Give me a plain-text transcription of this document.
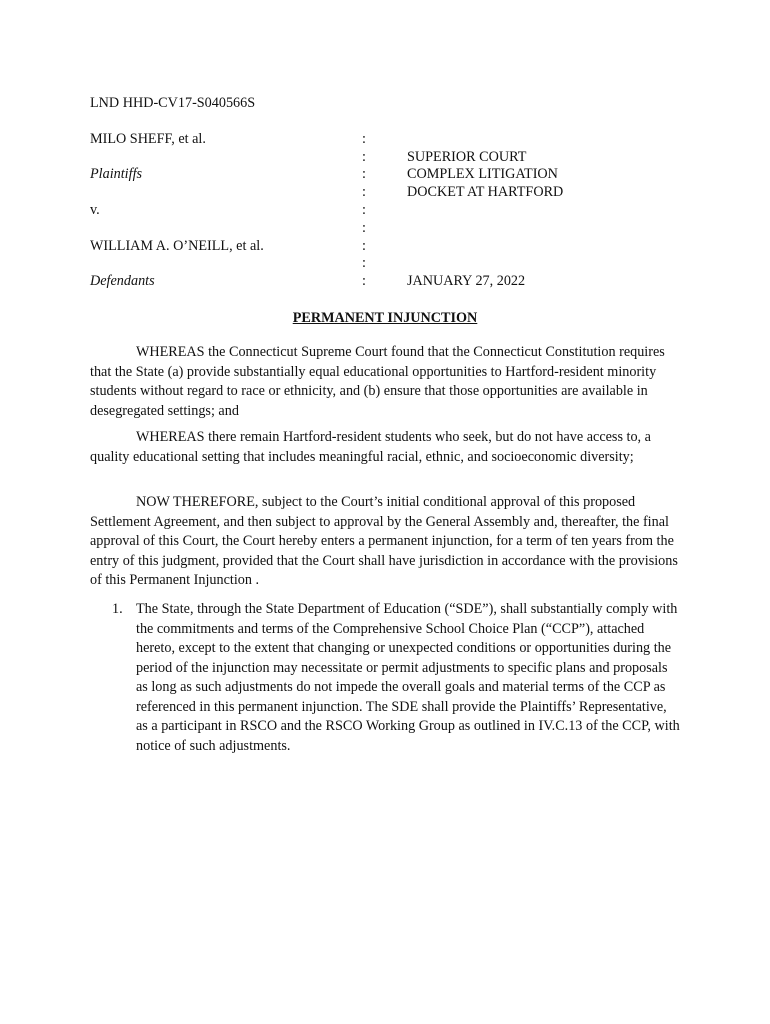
LND HHD-CV17-S040566S
MILO SHEFF, et al.
Plaintiffs
v.
WILLIAM A. O’NEILL, et al.
Defendants
:
:
:
:
:
:
:
:
:
SUPERIOR COURT
COMPLEX LITIGATION
DOCKET AT HARTFORD
JANUARY 27, 2022
PERMANENT INJUNCTION
WHEREAS the Connecticut Supreme Court found that the Connecticut Constitution requires that the State (a) provide substantially equal educational opportunities to Hartford-resident minority students without regard to race or ethnicity, and (b) ensure that those opportunities are available in desegregated settings; and
WHEREAS there remain Hartford-resident students who seek, but do not have access to, a quality educational setting that includes meaningful racial, ethnic, and socioeconomic diversity;
NOW THEREFORE, subject to the Court’s initial conditional approval of this proposed Settlement Agreement, and then subject to approval by the General Assembly and, thereafter, the final approval of this Court, the Court hereby enters a permanent injunction, for a term of ten years from the entry of this judgment, provided that the Court shall have jurisdiction in accordance with the provisions of this Permanent Injunction .
1. The State, through the State Department of Education (“SDE”), shall substantially comply with the commitments and terms of the Comprehensive School Choice Plan (“CCP”), attached hereto, except to the extent that changing or unexpected conditions or opportunities during the period of the injunction may necessitate or permit adjustments to specific plans and proposals as long as such adjustments do not impede the overall goals and material terms of the CCP as referenced in this permanent injunction. The SDE shall provide the Plaintiffs’ Representative, as a participant in RSCO and the RSCO Working Group as outlined in IV.C.13 of the CCP, with notice of such adjustments.
